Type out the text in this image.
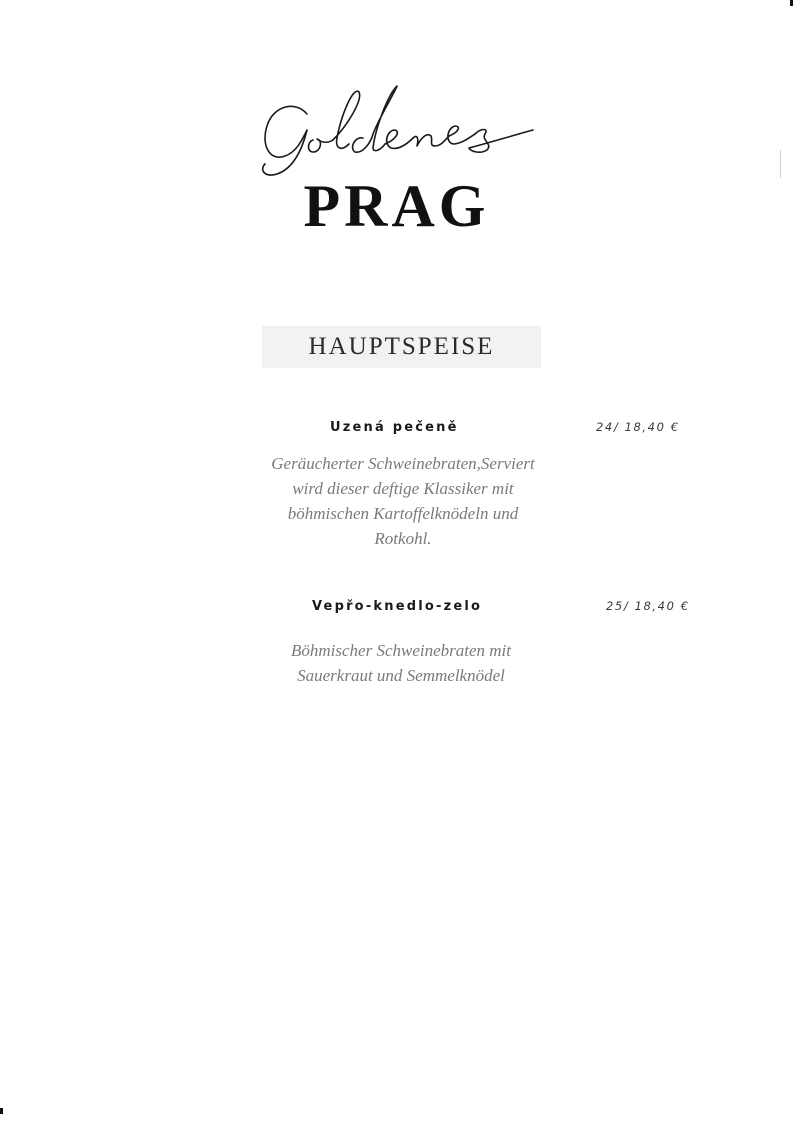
PRAG
HAUPTSPEISE
Uzená pečeně	24/ 18,40 €
Geräucherter Schweinebraten,Serviert
wird dieser deftige Klassiker mit
böhmischen Kartoffelknödeln und
Rotkohl.
Vepřo-knedlo-zelo	25/ 18,40 €
Böhmischer Schweinebraten mit
Sauerkraut und Semmelknödel
